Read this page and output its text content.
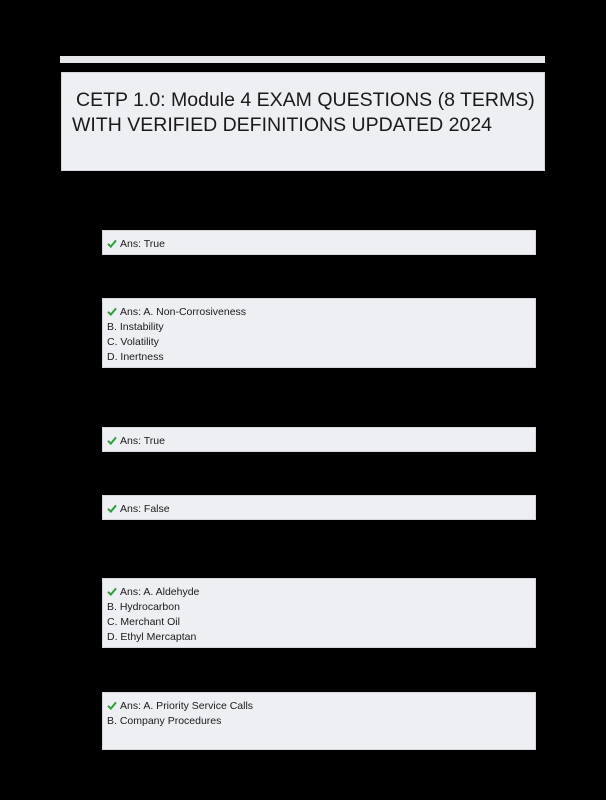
CETP 1.0: Module 4 EXAM QUESTIONS (8 TERMS) WITH VERIFIED DEFINITIONS UPDATED 2024
Ans: True
Ans: A. Non-Corrosiveness
B. Instability
C. Volatility
D. Inertness
Ans: True
Ans: False
Ans: A. Aldehyde
B. Hydrocarbon
C. Merchant Oil
D. Ethyl Mercaptan
Ans: A. Priority Service Calls
B. Company Procedures
